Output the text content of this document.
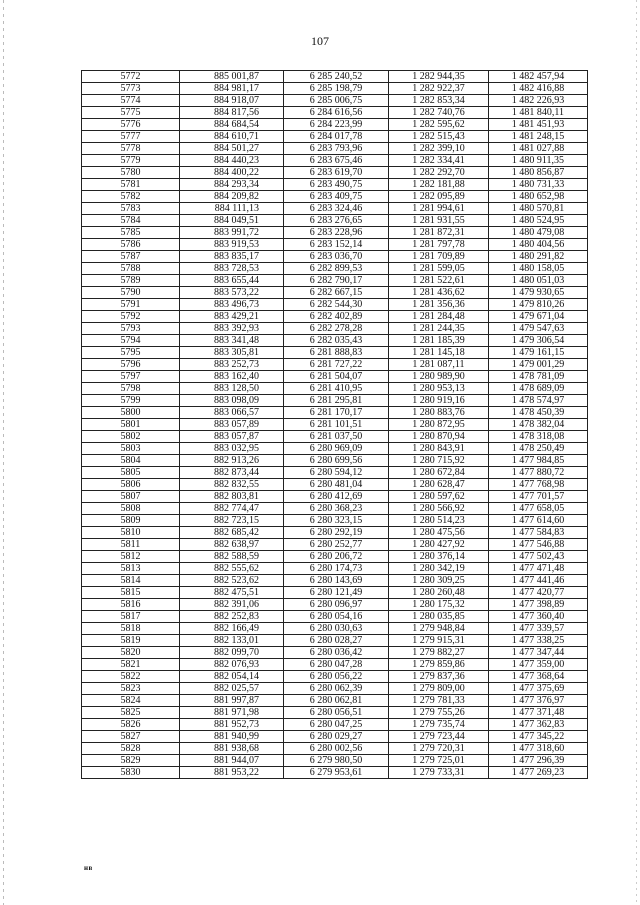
107
5772	885 001,87	6 285 240,52	1 282 944,35	1 482 457,94
5773	884 981,17	6 285 198,79	1 282 922,37	1 482 416,88
5774	884 918,07	6 285 006,75	1 282 853,34	1 482 226,93
5775	884 817,56	6 284 616,56	1 282 740,76	1 481 840,11
5776	884 684,54	6 284 223,99	1 282 595,62	1 481 451,93
5777	884 610,71	6 284 017,78	1 282 515,43	1 481 248,15
5778	884 501,27	6 283 793,96	1 282 399,10	1 481 027,88
5779	884 440,23	6 283 675,46	1 282 334,41	1 480 911,35
5780	884 400,22	6 283 619,70	1 282 292,70	1 480 856,87
5781	884 293,34	6 283 490,75	1 282 181,88	1 480 731,33
5782	884 209,82	6 283 409,75	1 282 095,89	1 480 652,98
5783	884 111,13	6 283 324,46	1 281 994,61	1 480 570,81
5784	884 049,51	6 283 276,65	1 281 931,55	1 480 524,95
5785	883 991,72	6 283 228,96	1 281 872,31	1 480 479,08
5786	883 919,53	6 283 152,14	1 281 797,78	1 480 404,56
5787	883 835,17	6 283 036,70	1 281 709,89	1 480 291,82
5788	883 728,53	6 282 899,53	1 281 599,05	1 480 158,05
5789	883 655,44	6 282 790,17	1 281 522,61	1 480 051,03
5790	883 573,22	6 282 667,15	1 281 436,62	1 479 930,65
5791	883 496,73	6 282 544,30	1 281 356,36	1 479 810,26
5792	883 429,21	6 282 402,89	1 281 284,48	1 479 671,04
5793	883 392,93	6 282 278,28	1 281 244,35	1 479 547,63
5794	883 341,48	6 282 035,43	1 281 185,39	1 479 306,54
5795	883 305,81	6 281 888,83	1 281 145,18	1 479 161,15
5796	883 252,73	6 281 727,22	1 281 087,11	1 479 001,29
5797	883 162,40	6 281 504,07	1 280 989,90	1 478 781,09
5798	883 128,50	6 281 410,95	1 280 953,13	1 478 689,09
5799	883 098,09	6 281 295,81	1 280 919,16	1 478 574,97
5800	883 066,57	6 281 170,17	1 280 883,76	1 478 450,39
5801	883 057,89	6 281 101,51	1 280 872,95	1 478 382,04
5802	883 057,87	6 281 037,50	1 280 870,94	1 478 318,08
5803	883 032,95	6 280 969,09	1 280 843,91	1 478 250,49
5804	882 913,26	6 280 699,56	1 280 715,92	1 477 984,85
5805	882 873,44	6 280 594,12	1 280 672,84	1 477 880,72
5806	882 832,55	6 280 481,04	1 280 628,47	1 477 768,98
5807	882 803,81	6 280 412,69	1 280 597,62	1 477 701,57
5808	882 774,47	6 280 368,23	1 280 566,92	1 477 658,05
5809	882 723,15	6 280 323,15	1 280 514,23	1 477 614,60
5810	882 685,42	6 280 292,19	1 280 475,56	1 477 584,83
5811	882 638,97	6 280 252,77	1 280 427,92	1 477 546,88
5812	882 588,59	6 280 206,72	1 280 376,14	1 477 502,43
5813	882 555,62	6 280 174,73	1 280 342,19	1 477 471,48
5814	882 523,62	6 280 143,69	1 280 309,25	1 477 441,46
5815	882 475,51	6 280 121,49	1 280 260,48	1 477 420,77
5816	882 391,06	6 280 096,97	1 280 175,32	1 477 398,89
5817	882 252,83	6 280 054,16	1 280 035,85	1 477 360,40
5818	882 166,49	6 280 030,63	1 279 948,84	1 477 339,57
5819	882 133,01	6 280 028,27	1 279 915,31	1 477 338,25
5820	882 099,70	6 280 036,42	1 279 882,27	1 477 347,44
5821	882 076,93	6 280 047,28	1 279 859,86	1 477 359,00
5822	882 054,14	6 280 056,22	1 279 837,36	1 477 368,64
5823	882 025,57	6 280 062,39	1 279 809,00	1 477 375,69
5824	881 997,87	6 280 062,81	1 279 781,33	1 477 376,97
5825	881 971,98	6 280 056,51	1 279 755,26	1 477 371,48
5826	881 952,73	6 280 047,25	1 279 735,74	1 477 362,83
5827	881 940,99	6 280 029,27	1 279 723,44	1 477 345,22
5828	881 938,68	6 280 002,56	1 279 720,31	1 477 318,60
5829	881 944,07	6 279 980,50	1 279 725,01	1 477 296,39
5830	881 953,22	6 279 953,61	1 279 733,31	1 477 269,23
нв
